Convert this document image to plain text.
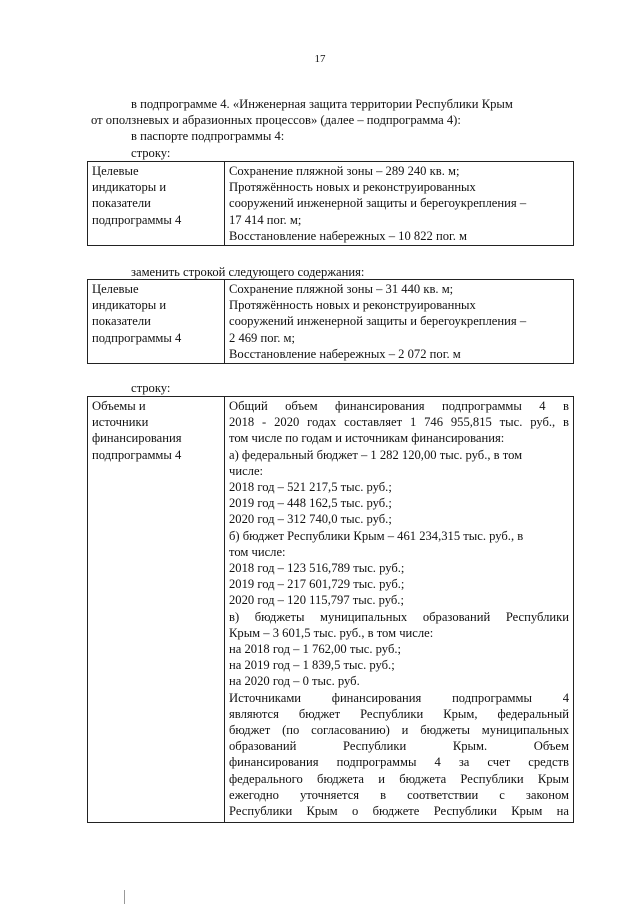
17
в подпрограмме 4. «Инженерная защита территории Республики Крым
от оползневых и абразионных процессов» (далее – подпрограмма 4):
в паспорте подпрограммы 4:
строку:
Целевые
индикаторы и
показатели
подпрограммы 4

Сохранение пляжной зоны – 289 240 кв. м;
Протяжённость новых и реконструированных
сооружений инженерной защиты и берегоукрепления –
17 414 пог. м;
Восстановление набережных – 10 822 пог. м
заменить строкой следующего содержания:
Целевые
индикаторы и
показатели
подпрограммы 4

Сохранение пляжной зоны – 31 440 кв. м;
Протяжённость новых и реконструированных
сооружений инженерной защиты и берегоукрепления –
2 469 пог. м;
Восстановление набережных – 2 072 пог. м
строку:
Объемы и
источники
финансирования
подпрограммы 4

Общий объем финансирования подпрограммы 4 в
2018 - 2020 годах составляет 1 746 955,815 тыс. руб., в
том числе по годам и источникам финансирования:
а) федеральный бюджет – 1 282 120,00 тыс. руб., в том
числе:
2018 год – 521 217,5 тыс. руб.;
2019 год – 448 162,5 тыс. руб.;
2020 год – 312 740,0 тыс. руб.;
б) бюджет Республики Крым – 461 234,315 тыс. руб., в
том числе:
2018 год – 123 516,789 тыс. руб.;
2019 год – 217 601,729 тыс. руб.;
2020 год – 120 115,797 тыс. руб.;
в) бюджеты муниципальных образований Республики
Крым – 3 601,5 тыс. руб., в том числе:
на 2018 год – 1 762,00 тыс. руб.;
на 2019 год – 1 839,5 тыс. руб.;
на 2020 год – 0 тыс. руб.
Источниками финансирования подпрограммы 4
являются бюджет Республики Крым, федеральный
бюджет (по согласованию) и бюджеты муниципальных
образований Республики Крым. Объем
финансирования подпрограммы 4 за счет средств
федерального бюджета и бюджета Республики Крым
ежегодно уточняется в соответствии с законом
Республики Крым о бюджете Республики Крым на
